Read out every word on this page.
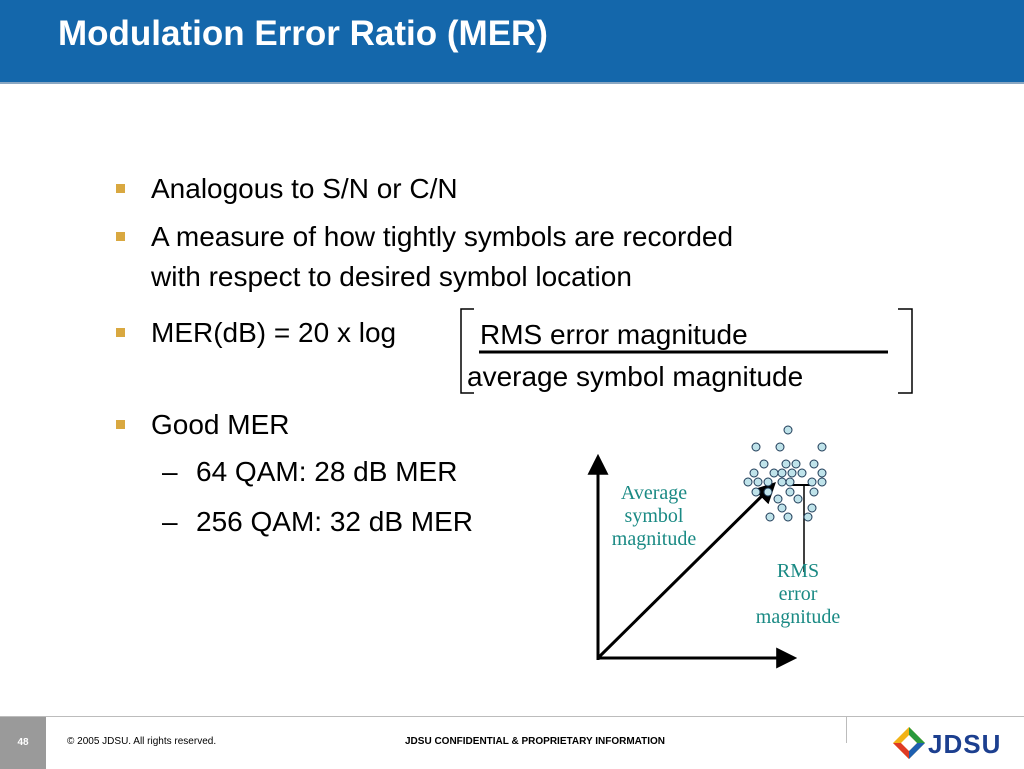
Modulation Error Ratio (MER)
Analogous to S/N or C/N
A measure of how tightly symbols are recorded
with respect to desired symbol location
MER(dB) = 20 x log
Good MER
– 64 QAM: 28 dB MER
– 256 QAM: 32 dB MER
RMS error magnitude
average symbol magnitude
Average
symbol
magnitude
RMS
error
magnitude
48	© 2005 JDSU. All rights reserved.	JDSU CONFIDENTIAL & PROPRIETARY INFORMATION	JDSU
